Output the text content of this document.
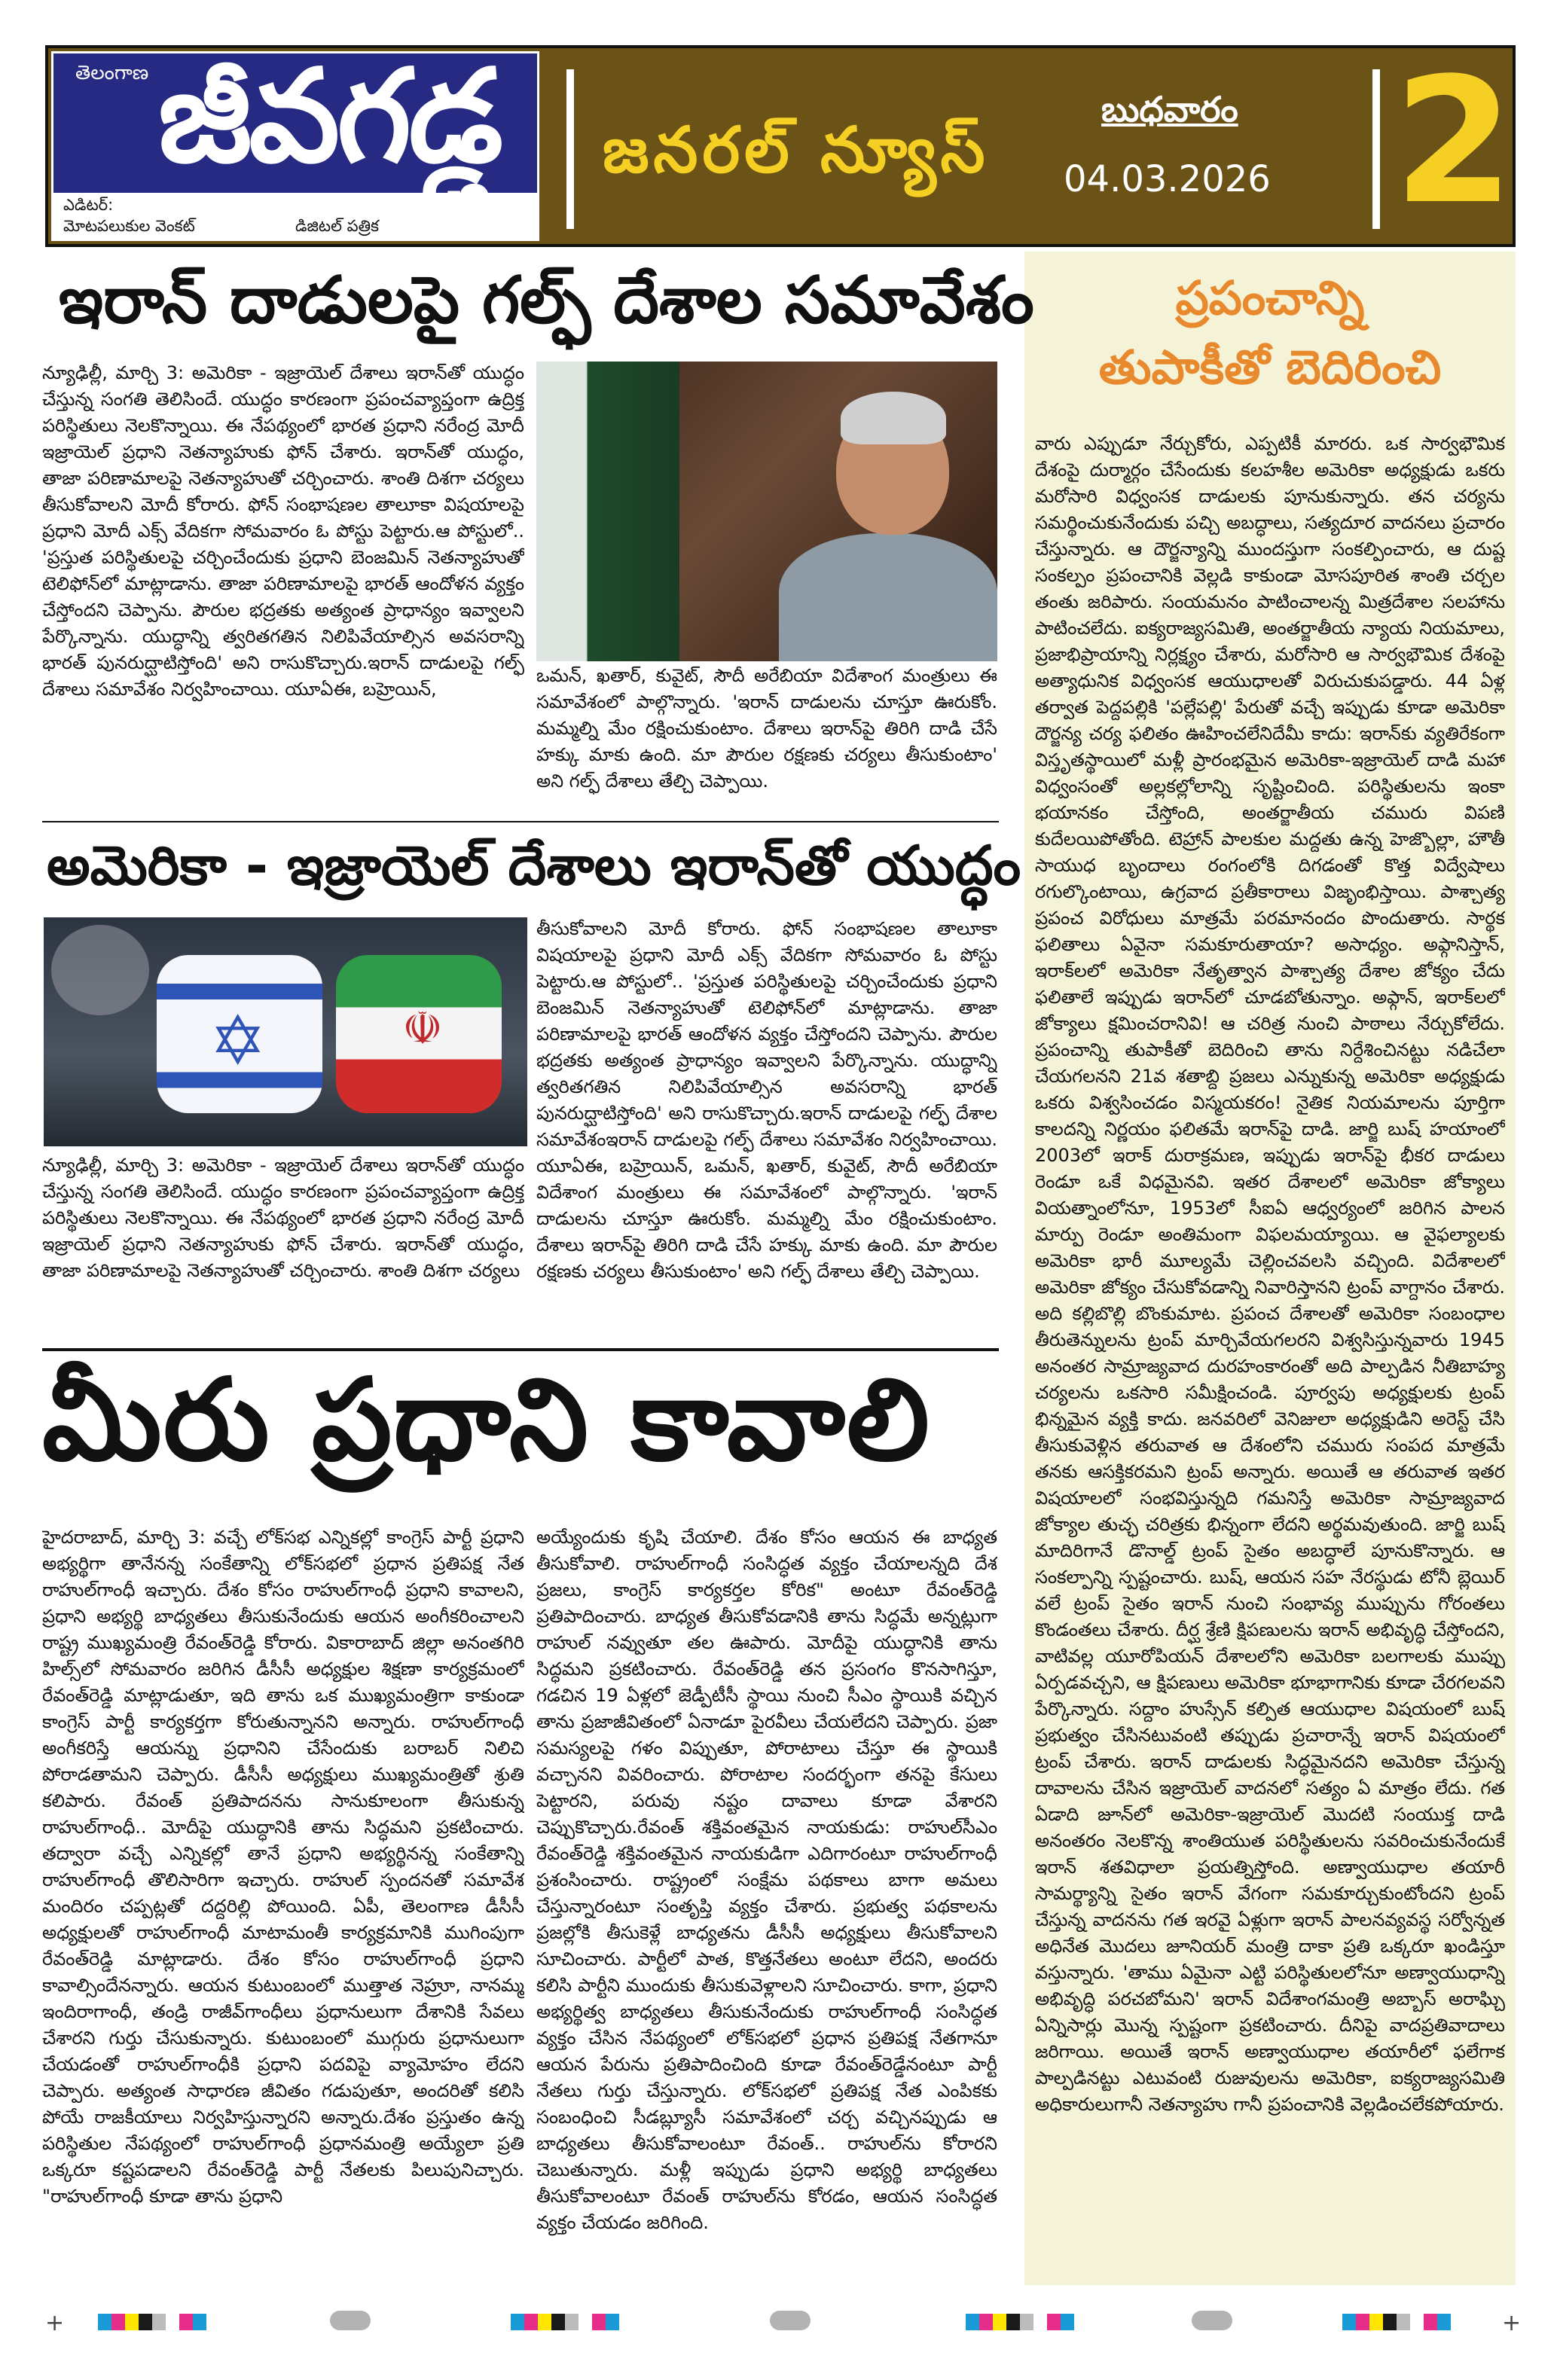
తెలంగాణ జీవగడ్డ
ఎడిటర్:
మోటపలుకుల వెంకట్	డిజిటల్ పత్రిక
జనరల్ న్యూస్
బుధవారం
04.03.2026 2
ప్రపంచాన్ని
తుపాకీతో బెదిరించి
వారు ఎప్పుడూ నేర్చుకోరు, ఎప్పటికీ మారరు. ఒక సార్వభౌమిక దేశంపై దుర్మార్గం చేసేందుకు కలహశీల అమెరికా అధ్యక్షుడు ఒకరు మరోసారి విధ్వంసక దాడులకు పూనుకున్నారు. తన చర్యను సమర్థించుకునేందుకు పచ్చి అబద్ధాలు, సత్యదూర వాదనలు ప్రచారం చేస్తున్నారు. ఆ దౌర్జన్యాన్ని ముందస్తుగా సంకల్పించారు, ఆ దుష్ట సంకల్పం ప్రపంచానికి వెల్లడి కాకుండా మోసపూరిత శాంతి చర్చల తంతు జరిపారు. సంయమనం పాటించాలన్న మిత్రదేశాల సలహాను పాటించలేదు. ఐక్యరాజ్యసమితి, అంతర్జాతీయ న్యాయ నియమాలు, ప్రజాభిప్రాయాన్ని నిర్లక్ష్యం చేశారు, మరోసారి ఆ సార్వభౌమిక దేశంపై అత్యాధునిక విధ్వంసక ఆయుధాలతో విరుచుకుపడ్డారు. 44 ఏళ్ల తర్వాత పెద్దపల్లికి 'పల్లేపల్లి' పేరుతో వచ్చే ఇప్పుడు కూడా అమెరికా దౌర్జన్య చర్య ఫలితం ఊహించలేనిదేమీ కాదు: ఇరాన్‌కు వ్యతిరేకంగా విస్తృతస్థాయిలో మళ్లీ ప్రారంభమైన అమెరికా-ఇజ్రాయెల్ దాడి మహా విధ్వంసంతో అల్లకల్లోలాన్ని సృష్టించింది. పరిస్థితులను ఇంకా భయానకం చేస్తోంది, అంతర్జాతీయ చమురు విపణి కుదేలయిపోతోంది. టెహ్రాన్ పాలకుల మద్దతు ఉన్న హెజ్బొల్లా, హౌతీ సాయుధ బృందాలు రంగంలోకి దిగడంతో కొత్త విద్వేషాలు రగుల్కొంటాయి, ఉగ్రవాద ప్రతీకారాలు విజృంభిస్తాయి. పాశ్చాత్య ప్రపంచ విరోధులు మాత్రమే పరమానందం పొందుతారు. సార్థక ఫలితాలు ఏవైనా సమకూరుతాయా? అసాధ్యం. అఫ్గానిస్తాన్, ఇరాక్‌లలో అమెరికా నేతృత్వాన పాశ్చాత్య దేశాల జోక్యం చేదు ఫలితాలే ఇప్పుడు ఇరాన్‌లో చూడబోతున్నాం. అఫ్గాన్, ఇరాక్‌లలో జోక్యాలు క్షమించరానివి! ఆ చరిత్ర నుంచి పాఠాలు నేర్చుకోలేదు. ప్రపంచాన్ని తుపాకీతో బెదిరించి తాను నిర్దేశించినట్టు నడిచేలా చేయగలనని 21వ శతాబ్ది ప్రజలు ఎన్నుకున్న అమెరికా అధ్యక్షుడు ఒకరు విశ్వసించడం విస్మయకరం! నైతిక నియమాలను పూర్తిగా కాలదన్ని నిర్ణయం ఫలితమే ఇరాన్‌పై దాడి. జార్జి బుష్ హయాంలో 2003లో ఇరాక్ దురాక్రమణ, ఇప్పుడు ఇరాన్‌పై భీకర దాడులు రెండూ ఒకే విధమైనవి. ఇతర దేశాలలో అమెరికా జోక్యాలు వియత్నాంలోనూ, 1953లో సీఐఏ ఆధ్వర్యంలో జరిగిన పాలన మార్పు రెండూ అంతిమంగా విఫలమయ్యాయి. ఆ వైఫల్యాలకు అమెరికా భారీ మూల్యమే చెల్లించవలసి వచ్చింది. విదేశాలలో అమెరికా జోక్యం చేసుకోవడాన్ని నివారిస్తానని ట్రంప్ వాగ్దానం చేశారు. అది కల్లిబొల్లి బొంకుమాట. ప్రపంచ దేశాలతో అమెరికా సంబంధాల తీరుతెన్నులను ట్రంప్ మార్చివేయగలరని విశ్వసిస్తున్నవారు 1945 అనంతర సామ్రాజ్యవాద దురహంకారంతో అది పాల్పడిన నీతిబాహ్య చర్యలను ఒకసారి సమీక్షించండి. పూర్వపు అధ్యక్షులకు ట్రంప్ భిన్నమైన వ్యక్తి కాదు. జనవరిలో వెనిజులా అధ్యక్షుడిని అరెస్ట్ చేసి తీసుకువెళ్లిన తరువాత ఆ దేశంలోని చమురు సంపద మాత్రమే తనకు ఆసక్తికరమని ట్రంప్ అన్నారు. అయితే ఆ తరువాత ఇతర విషయాలలో సంభవిస్తున్నది గమనిస్తే అమెరికా సామ్రాజ్యవాద జోక్యాల తుచ్ఛ చరిత్రకు భిన్నంగా లేదని అర్థమవుతుంది. జార్జి బుష్ మాదిరిగానే డొనాల్డ్ ట్రంప్ సైతం అబద్ధాలే పూనుకొన్నారు. ఆ సంకల్పాన్ని స్పష్టంచారు. బుష్, ఆయన సహ నేరస్థుడు టోనీ బ్లెయిర్ వలే ట్రంప్ సైతం ఇరాన్ నుంచి సంభావ్య ముప్పును గోరంతలు కొండంతలు చేశారు. దీర్ఘ శ్రేణి క్షిపణులను ఇరాన్ అభివృద్ధి చేస్తోందని, వాటివల్ల యూరోపియన్ దేశాలలోని అమెరికా బలగాలకు ముప్పు ఏర్పడవచ్చని, ఆ క్షిపణులు అమెరికా భూభాగానికు కూడా చేరగలవని పేర్కొన్నారు. సద్దాం హుస్సేన్ కల్పిత ఆయుధాల విషయంలో బుష్ ప్రభుత్వం చేసినటువంటి తప్పుడు ప్రచారాన్నే ఇరాన్ విషయంలో ట్రంప్ చేశారు. ఇరాన్ దాడులకు సిద్ధమైనదని అమెరికా చేస్తున్న దావాలను చేసిన ఇజ్రాయెల్ వాదనలో సత్యం ఏ మాత్రం లేదు. గత ఏడాది జూన్‌లో అమెరికా-ఇజ్రాయెల్ మొదటి సంయుక్త దాడి అనంతరం నెలకొన్న శాంతియుత పరిస్థితులను సవరించుకునేందుకే ఇరాన్ శతవిధాలా ప్రయత్నిస్తోంది. అణ్వాయుధాల తయారీ సామర్థ్యాన్ని సైతం ఇరాన్ వేగంగా సమకూర్చుకుంటోందని ట్రంప్ చేస్తున్న వాదనను గత ఇరవై ఏళ్లుగా ఇరాన్ పాలనవ్యవస్థ సర్వోన్నత అధినేత మొదలు జూనియర్ మంత్రి దాకా ప్రతి ఒక్కరూ ఖండిస్తూ వస్తున్నారు. 'తాము ఏమైనా ఎట్టి పరిస్థితులలోనూ అణ్వాయుధాన్ని అభివృద్ధి పరచబోమని' ఇరాన్ విదేశాంగమంత్రి అబ్బాస్ అరాఘ్చి ఏన్నిసార్లు మొన్న స్పష్టంగా ప్రకటించారు. దీనిపై వాదప్రతివాదాలు జరిగాయి. అయితే ఇరాన్ అణ్వాయుధాల తయారీలో ఫలేగాక పాల్పడినట్టు ఎటువంటి రుజువులను అమెరికా, ఐక్యరాజ్యసమితి అధికారులుగానీ నెతన్యాహు గానీ ప్రపంచానికి వెల్లడించలేకపోయారు.
ఇరాన్ దాడులపై గల్ఫ్ దేశాల సమావేశం
న్యూఢిల్లీ, మార్చి 3: అమెరికా - ఇజ్రాయెల్ దేశాలు ఇరాన్‌తో యుద్ధం చేస్తున్న సంగతి తెలిసిందే. యుద్ధం కారణంగా ప్రపంచవ్యాప్తంగా ఉద్రిక్త పరిస్థితులు నెలకొన్నాయి. ఈ నేపథ్యంలో భారత ప్రధాని నరేంద్ర మోదీ ఇజ్రాయెల్ ప్రధాని నెతన్యాహుకు ఫోన్ చేశారు. ఇరాన్‌తో యుద్ధం, తాజా పరిణామాలపై నెతన్యాహుతో చర్చించారు. శాంతి దిశగా చర్యలు తీసుకోవాలని మోదీ కోరారు. ఫోన్ సంభాషణల తాలూకా విషయాలపై ప్రధాని మోదీ ఎక్స్ వేదికగా సోమవారం ఓ పోస్టు పెట్టారు.ఆ పోస్టులో.. 'ప్రస్తుత పరిస్థితులపై చర్చించేందుకు ప్రధాని బెంజమిన్ నెతన్యాహుతో టెలిఫోన్‌లో మాట్లాడాను. తాజా పరిణామాలపై భారత్ ఆందోళన వ్యక్తం చేస్తోందని చెప్పాను. పౌరుల భద్రతకు అత్యంత ప్రాధాన్యం ఇవ్వాలని పేర్కొన్నాను. యుద్ధాన్ని త్వరితగతిన నిలిపివేయాల్సిన అవసరాన్ని భారత్ పునరుద్ఘాటిస్తోంది' అని రాసుకొచ్చారు.ఇరాన్ దాడులపై గల్ఫ్ దేశాలు సమావేశం నిర్వహించాయి. యూఏఈ, బహ్రెయిన్,
ఒమన్, ఖతార్, కువైట్, సౌదీ అరేబియా విదేశాంగ మంత్రులు ఈ సమావేశంలో పాల్గొన్నారు. 'ఇరాన్ దాడులను చూస్తూ ఊరుకోం. మమ్మల్ని మేం రక్షించుకుంటాం. దేశాలు ఇరాన్‌పై తిరిగి దాడి చేసే హక్కు మాకు ఉంది. మా పౌరుల రక్షణకు చర్యలు తీసుకుంటాం' అని గల్ఫ్ దేశాలు తేల్చి చెప్పాయి.
అమెరికా - ఇజ్రాయెల్ దేశాలు ఇరాన్‌తో యుద్ధం
✡	☫
న్యూఢిల్లీ, మార్చి 3: అమెరికా - ఇజ్రాయెల్ దేశాలు ఇరాన్‌తో యుద్ధం చేస్తున్న సంగతి తెలిసిందే. యుద్ధం కారణంగా ప్రపంచవ్యాప్తంగా ఉద్రిక్త పరిస్థితులు నెలకొన్నాయి. ఈ నేపథ్యంలో భారత ప్రధాని నరేంద్ర మోదీ ఇజ్రాయెల్ ప్రధాని నెతన్యాహుకు ఫోన్ చేశారు. ఇరాన్‌తో యుద్ధం, తాజా పరిణామాలపై నెతన్యాహుతో చర్చించారు. శాంతి దిశగా చర్యలు
తీసుకోవాలని మోదీ కోరారు. ఫోన్ సంభాషణల తాలూకా విషయాలపై ప్రధాని మోదీ ఎక్స్ వేదికగా సోమవారం ఓ పోస్టు పెట్టారు.ఆ పోస్టులో.. 'ప్రస్తుత పరిస్థితులపై చర్చించేందుకు ప్రధాని బెంజమిన్ నెతన్యాహుతో టెలిఫోన్‌లో మాట్లాడాను. తాజా పరిణామాలపై భారత్ ఆందోళన వ్యక్తం చేస్తోందని చెప్పాను. పౌరుల భద్రతకు అత్యంత ప్రాధాన్యం ఇవ్వాలని పేర్కొన్నాను. యుద్ధాన్ని త్వరితగతిన నిలిపివేయాల్సిన అవసరాన్ని భారత్ పునరుద్ఘాటిస్తోంది' అని రాసుకొచ్చారు.ఇరాన్ దాడులపై గల్ఫ్ దేశాల సమావేశంఇరాన్ దాడులపై గల్ఫ్ దేశాలు సమావేశం నిర్వహించాయి. యూఏఈ, బహ్రెయిన్, ఒమన్, ఖతార్, కువైట్, సౌదీ అరేబియా విదేశాంగ మంత్రులు ఈ సమావేశంలో పాల్గొన్నారు. 'ఇరాన్ దాడులను చూస్తూ ఊరుకోం. మమ్మల్ని మేం రక్షించుకుంటాం. దేశాలు ఇరాన్‌పై తిరిగి దాడి చేసే హక్కు మాకు ఉంది. మా పౌరుల రక్షణకు చర్యలు తీసుకుంటాం' అని గల్ఫ్ దేశాలు తేల్చి చెప్పాయి.
మీరు ప్రధాని కావాలి
హైదరాబాద్, మార్చి 3: వచ్చే లోక్‌సభ ఎన్నికల్లో కాంగ్రెస్ పార్టీ ప్రధాని అభ్యర్థిగా తానేనన్న సంకేతాన్ని లోక్‌సభలో ప్రధాన ప్రతిపక్ష నేత రాహుల్‌గాంధీ ఇచ్చారు. దేశం కోసం రాహుల్‌గాంధీ ప్రధాని కావాలని, ప్రధాని అభ్యర్థి బాధ్యతలు తీసుకునేందుకు ఆయన అంగీకరించాలని రాష్ట్ర ముఖ్యమంత్రి రేవంత్‌రెడ్డి కోరారు. వికారాబాద్ జిల్లా అనంతగిరి హిల్స్‌లో సోమవారం జరిగిన డీసీసీ అధ్యక్షుల శిక్షణా కార్యక్రమంలో రేవంత్‌రెడ్డి మాట్లాడుతూ, ఇది తాను ఒక ముఖ్యమంత్రిగా కాకుండా కాంగ్రెస్ పార్టీ కార్యకర్తగా కోరుతున్నానని అన్నారు. రాహుల్‌గాంధీ అంగీకరిస్తే ఆయన్ను ప్రధానిని చేసేందుకు బరాబర్ నిలిచి పోరాడతామని చెప్పారు. డీసీసీ అధ్యక్షులు ముఖ్యమంత్రితో శ్రుతి కలిపారు. రేవంత్ ప్రతిపాదనను సానుకూలంగా తీసుకున్న రాహుల్‌గాంధీ.. మోదీపై యుద్ధానికి తాను సిద్ధమని ప్రకటించారు. తద్వారా వచ్చే ఎన్నికల్లో తానే ప్రధాని అభ్యర్థినన్న సంకేతాన్ని రాహుల్‌గాంధీ తొలిసారిగా ఇచ్చారు. రాహుల్ స్పందనతో సమావేశ మందిరం చప్పట్లతో దద్దరిల్లి పోయింది. ఏపీ, తెలంగాణ డీసీసీ అధ్యక్షులతో రాహుల్‌గాంధీ మాటామంతీ కార్యక్రమానికి ముగింపుగా రేవంత్‌రెడ్డి మాట్లాడారు. దేశం కోసం రాహుల్‌గాంధీ ప్రధాని కావాల్సిందేనన్నారు. ఆయన కుటుంబంలో ముత్తాత నెహ్రూ, నానమ్మ ఇందిరాగాంధీ, తండ్రి రాజీవ్‌గాంధీలు ప్రధానులుగా దేశానికి సేవలు చేశారని గుర్తు చేసుకున్నారు. కుటుంబంలో ముగ్గురు ప్రధానులుగా చేయడంతో రాహుల్‌గాంధీకి ప్రధాని పదవిపై వ్యామోహం లేదని చెప్పారు. అత్యంత సాధారణ జీవితం గడుపుతూ, అందరితో కలిసి పోయే రాజకీయాలు నిర్వహిస్తున్నారని అన్నారు.దేశం ప్రస్తుతం ఉన్న పరిస్థితుల నేపథ్యంలో రాహుల్‌గాంధీ ప్రధానమంత్రి అయ్యేలా ప్రతి ఒక్కరూ కష్టపడాలని రేవంత్‌రెడ్డి పార్టీ నేతలకు పిలుపునిచ్చారు. "రాహుల్‌గాంధీ కూడా తాను ప్రధాని
అయ్యేందుకు కృషి చేయాలి. దేశం కోసం ఆయన ఈ బాధ్యత తీసుకోవాలి. రాహుల్‌గాంధీ సంసిద్ధత వ్యక్తం చేయాలన్నది దేశ ప్రజలు, కాంగ్రెస్ కార్యకర్తల కోరిక" అంటూ రేవంత్‌రెడ్డి ప్రతిపాదించారు. బాధ్యత తీసుకోవడానికి తాను సిద్ధమే అన్నట్లుగా రాహుల్ నవ్వుతూ తల ఊపారు. మోదీపై యుద్ధానికి తాను సిద్ధమని ప్రకటించారు. రేవంత్‌రెడ్డి తన ప్రసంగం కొనసాగిస్తూ, గడచిన 19 ఏళ్లలో జెడ్పీటీసీ స్థాయి నుంచి సీఎం స్థాయికి వచ్చిన తాను ప్రజాజీవితంలో ఏనాడూ పైరవీలు చేయలేదని చెప్పారు. ప్రజా సమస్యలపై గళం విప్పుతూ, పోరాటాలు చేస్తూ ఈ స్థాయికి వచ్చానని వివరించారు. పోరాటాల సందర్భంగా తనపై కేసులు పెట్టారని, పరువు నష్టం దావాలు కూడా వేశారని చెప్పుకొచ్చారు.రేవంత్ శక్తివంతమైన నాయకుడు: రాహుల్‌సీఎం రేవంత్‌రెడ్డి శక్తివంతమైన నాయకుడిగా ఎదిగారంటూ రాహుల్‌గాంధీ ప్రశంసించారు. రాష్ట్రంలో సంక్షేమ పథకాలు బాగా అమలు చేస్తున్నారంటూ సంతృప్తి వ్యక్తం చేశారు. ప్రభుత్వ పథకాలను ప్రజల్లోకి తీసుకెళ్లే బాధ్యతను డీసీసీ అధ్యక్షులు తీసుకోవాలని సూచించారు. పార్టీలో పాత, కొత్తనేతలు అంటూ లేదని, అందరు కలిసి పార్టీని ముందుకు తీసుకువెళ్లాలని సూచించారు. కాగా, ప్రధాని అభ్యర్థిత్వ బాధ్యతలు తీసుకునేందుకు రాహుల్‌గాంధీ సంసిద్ధత వ్యక్తం చేసిన నేపథ్యంలో లోక్‌సభలో ప్రధాన ప్రతిపక్ష నేతగానూ ఆయన పేరును ప్రతిపాదించింది కూడా రేవంత్‌రెడ్డేనంటూ పార్టీ నేతలు గుర్తు చేస్తున్నారు. లోక్‌సభలో ప్రతిపక్ష నేత ఎంపికకు సంబంధించి సీడబ్ల్యూసీ సమావేశంలో చర్చ వచ్చినప్పుడు ఆ బాధ్యతలు తీసుకోవాలంటూ రేవంత్.. రాహుల్‌ను కోరారని చెబుతున్నారు. మళ్లీ ఇప్పుడు ప్రధాని అభ్యర్థి బాధ్యతలు తీసుకోవాలంటూ రేవంత్ రాహుల్‌ను కోరడం, ఆయన సంసిద్ధత వ్యక్తం చేయడం జరిగింది.
+	+
